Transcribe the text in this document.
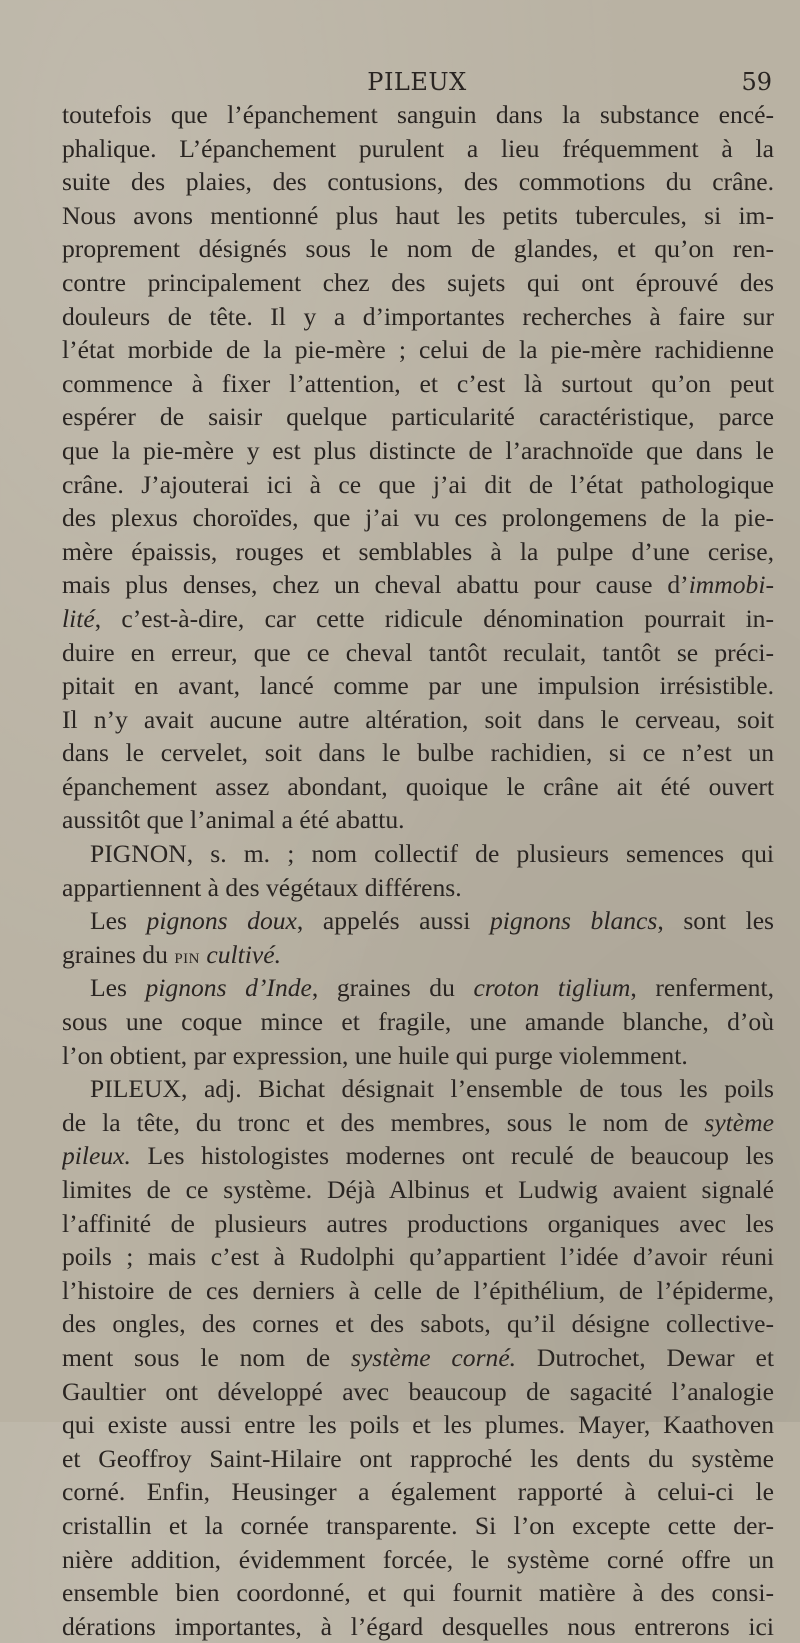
PILEUX	59
toutefois que l’épanchement sanguin dans la substance encé-
phalique. L’épanchement purulent a lieu fréquemment à la
suite des plaies, des contusions, des commotions du crâne.
Nous avons mentionné plus haut les petits tubercules, si im-
proprement désignés sous le nom de glandes, et qu’on ren-
contre principalement chez des sujets qui ont éprouvé des
douleurs de tête. Il y a d’importantes recherches à faire sur
l’état morbide de la pie-mère ; celui de la pie-mère rachidienne
commence à fixer l’attention, et c’est là surtout qu’on peut
espérer de saisir quelque particularité caractéristique, parce
que la pie-mère y est plus distincte de l’arachnoïde que dans le
crâne. J’ajouterai ici à ce que j’ai dit de l’état pathologique
des plexus choroïdes, que j’ai vu ces prolongemens de la pie-
mère épaissis, rouges et semblables à la pulpe d’une cerise,
mais plus denses, chez un cheval abattu pour cause d’immobi-
lité, c’est-à-dire, car cette ridicule dénomination pourrait in-
duire en erreur, que ce cheval tantôt reculait, tantôt se préci-
pitait en avant, lancé comme par une impulsion irrésistible.
Il n’y avait aucune autre altération, soit dans le cerveau, soit
dans le cervelet, soit dans le bulbe rachidien, si ce n’est un
épanchement assez abondant, quoique le crâne ait été ouvert
aussitôt que l’animal a été abattu.
PIGNON, s. m. ; nom collectif de plusieurs semences qui
appartiennent à des végétaux différens.
Les pignons doux, appelés aussi pignons blancs, sont les
graines du pin cultivé.
Les pignons d’Inde, graines du croton tiglium, renferment,
sous une coque mince et fragile, une amande blanche, d’où
l’on obtient, par expression, une huile qui purge violemment.
PILEUX, adj. Bichat désignait l’ensemble de tous les poils
de la tête, du tronc et des membres, sous le nom de sytème
pileux. Les histologistes modernes ont reculé de beaucoup les
limites de ce système. Déjà Albinus et Ludwig avaient signalé
l’affinité de plusieurs autres productions organiques avec les
poils ; mais c’est à Rudolphi qu’appartient l’idée d’avoir réuni
l’histoire de ces derniers à celle de l’épithélium, de l’épiderme,
des ongles, des cornes et des sabots, qu’il désigne collective-
ment sous le nom de système corné. Dutrochet, Dewar et
Gaultier ont développé avec beaucoup de sagacité l’analogie
qui existe aussi entre les poils et les plumes. Mayer, Kaathoven
et Geoffroy Saint-Hilaire ont rapproché les dents du système
corné. Enfin, Heusinger a également rapporté à celui-ci le
cristallin et la cornée transparente. Si l’on excepte cette der-
nière addition, évidemment forcée, le système corné offre un
ensemble bien coordonné, et qui fournit matière à des consi-
dérations importantes, à l’égard desquelles nous entrerons ici
